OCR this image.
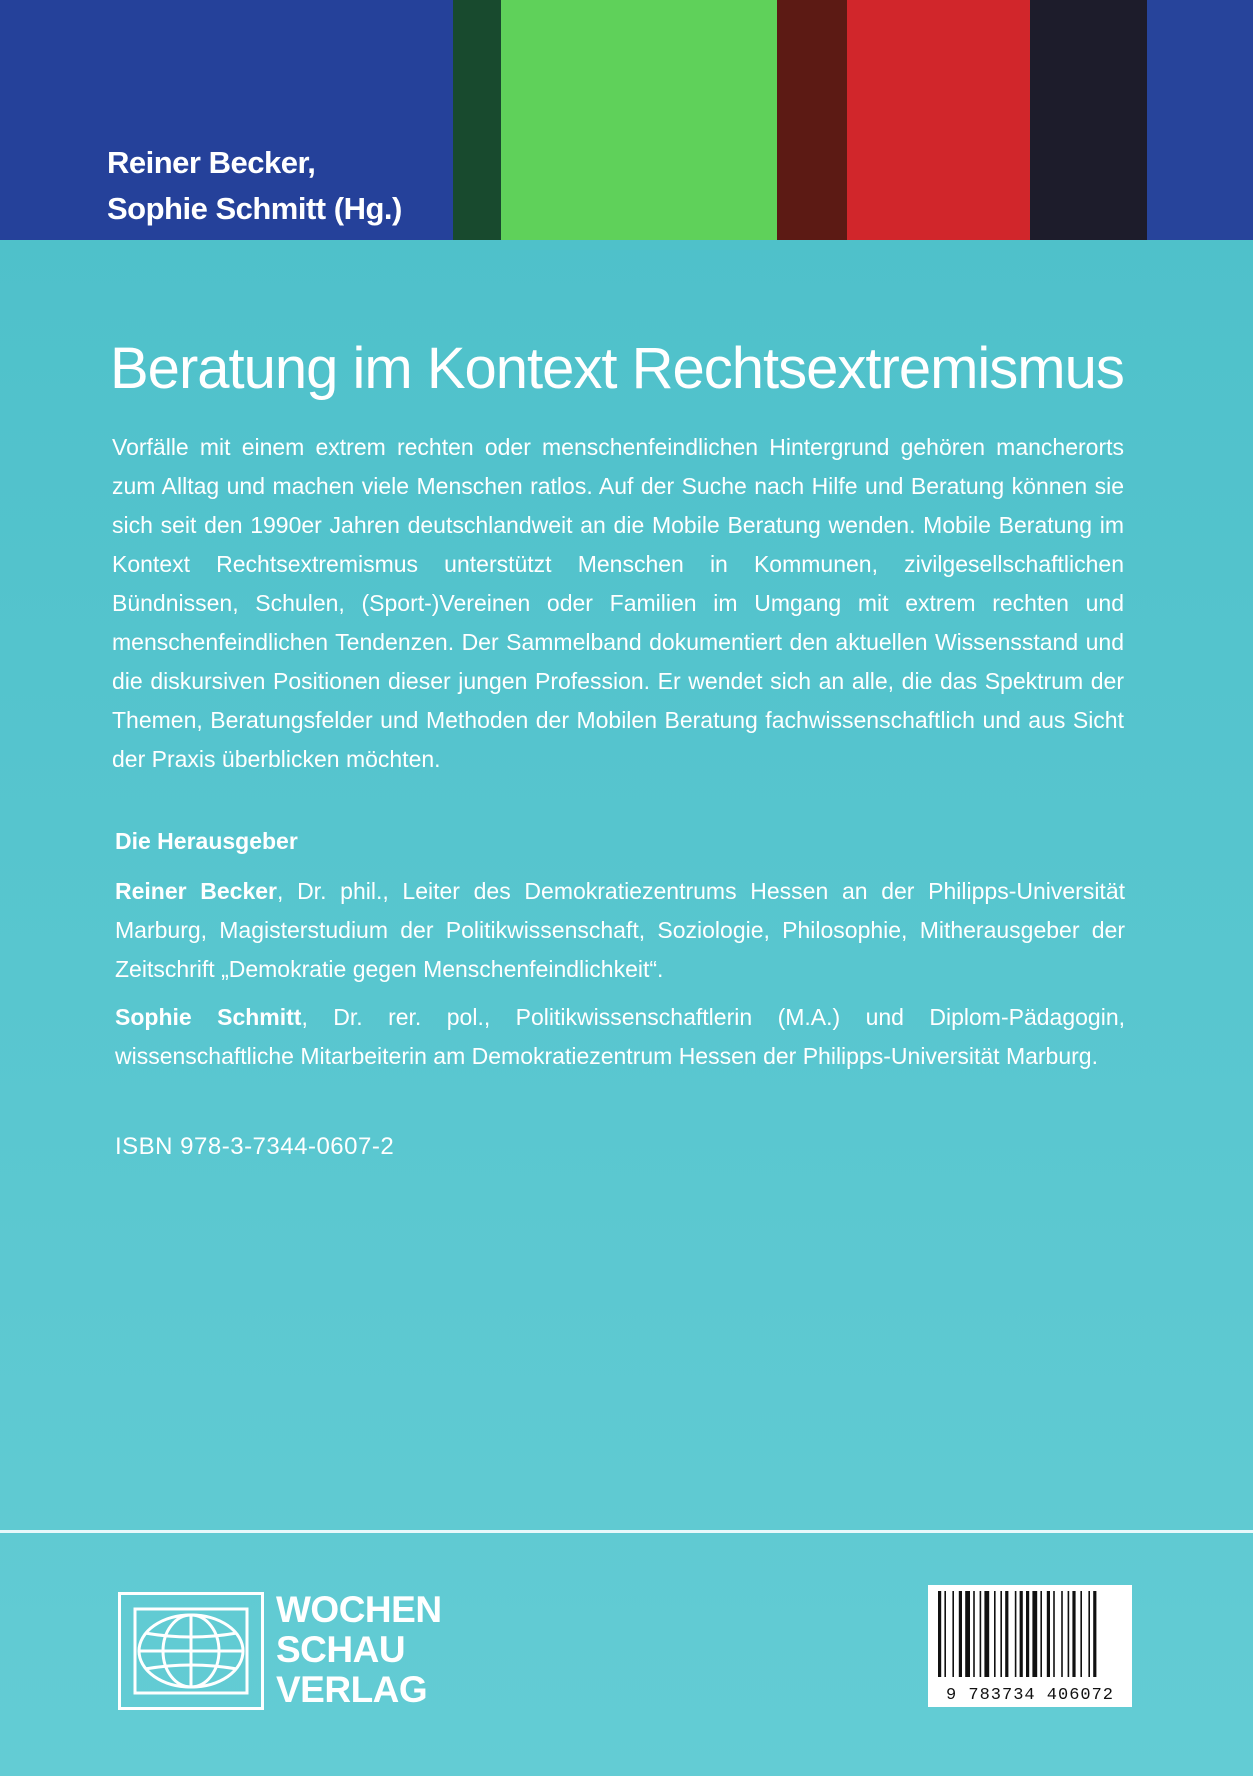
Reiner Becker,
Sophie Schmitt (Hg.)
Beratung im Kontext Rechtsextremismus
Vorfälle mit einem extrem rechten oder menschenfeindlichen Hintergrund gehören mancherorts zum Alltag und machen viele Menschen ratlos. Auf der Suche nach Hilfe und Beratung können sie sich seit den 1990er Jahren deutschlandweit an die Mobile Beratung wenden. Mobile Beratung im Kontext Rechtsextremismus unterstützt Menschen in Kommunen, zivilgesellschaftlichen Bündnissen, Schulen, (Sport-)Vereinen oder Familien im Umgang mit extrem rechten und menschenfeindlichen Tendenzen. Der Sammelband dokumentiert den aktuellen Wissensstand und die diskursiven Positionen dieser jungen Profession. Er wendet sich an alle, die das Spektrum der Themen, Beratungsfelder und Methoden der Mobilen Beratung fachwissenschaftlich und aus Sicht der Praxis überblicken möchten.
Die Herausgeber
Reiner Becker, Dr. phil., Leiter des Demokratiezentrums Hessen an der Philipps-Universität Marburg, Magisterstudium der Politikwissenschaft, Soziologie, Philosophie, Mitherausgeber der Zeitschrift „Demokratie gegen Menschenfeindlichkeit“.
Sophie Schmitt, Dr. rer. pol., Politikwissenschaftlerin (M.A.) und Diplom-Pädagogin, wissenschaftliche Mitarbeiterin am Demokratiezentrum Hessen der Philipps-Universität Marburg.
ISBN 978-3-7344-0607-2
WOCHEN
SCHAU
VERLAG	9 783734 406072
